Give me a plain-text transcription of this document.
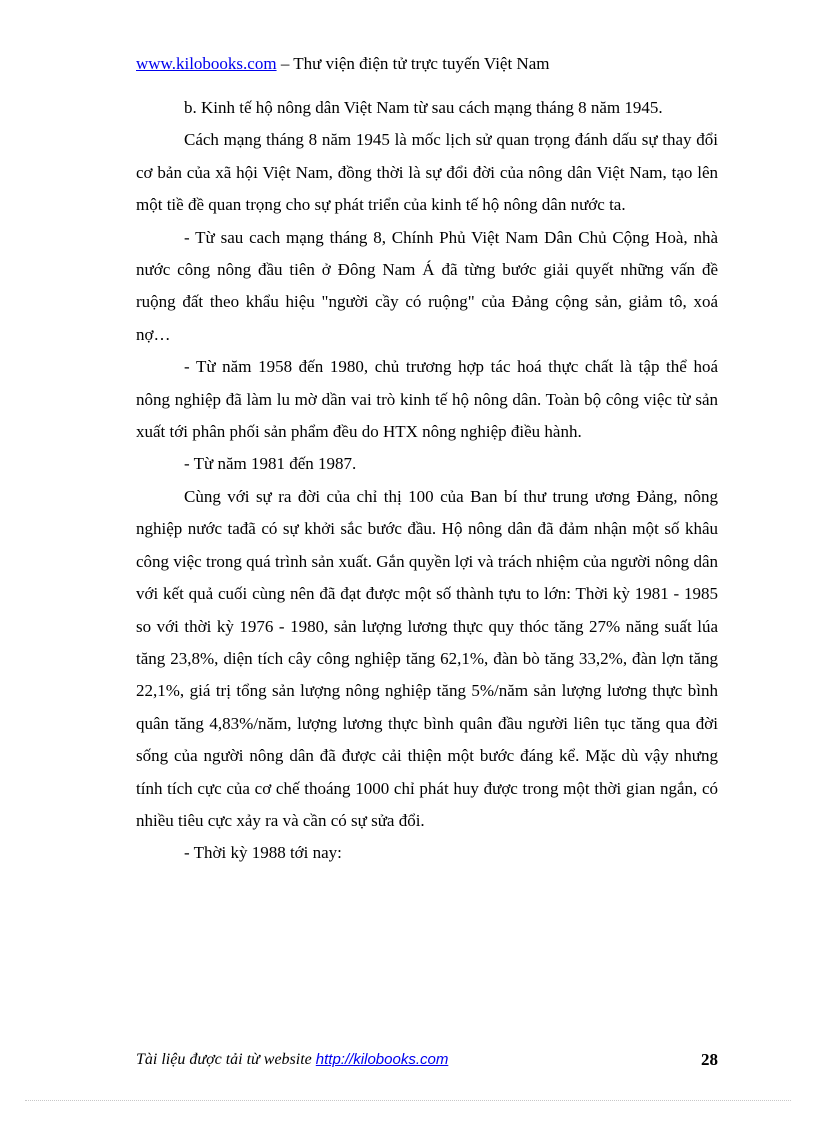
www.kilobooks.com – Thư viện điện tử trực tuyến Việt Nam

b. Kinh tế hộ nông dân Việt Nam từ sau cách mạng tháng 8 năm 1945.

Cách mạng tháng 8 năm 1945 là mốc lịch sử quan trọng đánh dấu sự thay đổi cơ bản của xã hội Việt Nam, đồng thời là sự đổi đời của nông dân Việt Nam, tạo lên một tiề đề quan trọng cho sự phát triển của kinh tế hộ nông dân nước ta.

- Từ sau cach mạng tháng 8, Chính Phủ Việt Nam Dân Chủ Cộng Hoà, nhà nước công nông đầu tiên ở Đông Nam Á đã từng bước giải quyết những vấn đề ruộng đất theo khẩu hiệu "người cầy có ruộng" của Đảng cộng sản, giảm tô, xoá nợ…

- Từ năm 1958 đến 1980, chủ trương hợp tác hoá thực chất là tập thể hoá nông nghiệp đã làm lu mờ dần vai trò kinh tế hộ nông dân. Toàn bộ công việc từ sản xuất tới phân phối sản phẩm đều do HTX nông nghiệp điều hành.

- Từ năm 1981 đến 1987.

Cùng với sự ra đời của chỉ thị 100 của Ban bí thư trung ương Đảng, nông nghiệp nước tađã có sự khởi sắc bước đầu. Hộ nông dân đã đảm nhận một số khâu công việc trong quá trình sản xuất. Gắn quyền lợi và trách nhiệm của người nông dân với kết quả cuối cùng nên đã đạt được một số thành tựu to lớn: Thời kỳ 1981 - 1985 so với thời kỳ 1976 - 1980, sản lượng lương thực quy thóc tăng 27% năng suất lúa tăng 23,8%, diện tích cây công nghiệp tăng 62,1%, đàn bò tăng 33,2%, đàn lợn tăng 22,1%, giá trị tổng sản lượng nông nghiệp tăng 5%/năm sản lượng lương thực bình quân tăng 4,83%/năm, lượng lương thực bình quân đầu người liên tục tăng qua đời sống của người nông dân đã được cải thiện một bước đáng kể. Mặc dù vậy nhưng tính tích cực của cơ chế thoáng 1000 chỉ phát huy được trong một thời gian ngắn, có nhiều tiêu cực xảy ra và cần có sự sửa đổi.

- Thời kỳ 1988 tới nay:

Tài liệu được tải từ website http://kilobooks.com	28
